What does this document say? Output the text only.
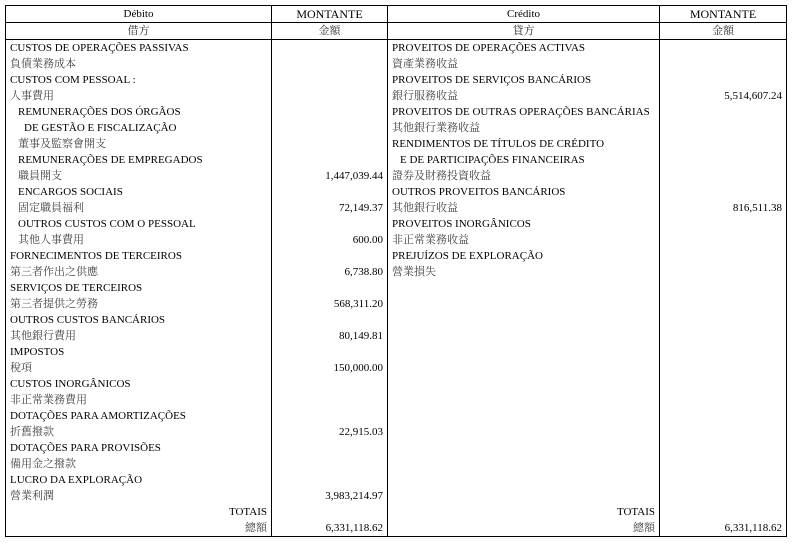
Débito	MONTANTE	Crédito	MONTANTE
借方	金額	貸方	金額
CUSTOS DE OPERAÇÕES PASSIVAS		PROVEITOS DE OPERAÇÕES ACTIVAS	
負債業務成本		資產業務收益	
CUSTOS COM PESSOAL :		PROVEITOS DE SERVIÇOS BANCÁRIOS	
人事費用		銀行服務收益	5,514,607.24
REMUNERAÇÕES DOS ÓRGÃOS		PROVEITOS DE OUTRAS OPERAÇÕES BANCÁRIAS	
DE GESTÃO E FISCALIZAÇÃO		其他銀行業務收益	
董事及監察會開支		RENDIMENTOS DE TÍTULOS DE CRÉDITO	
REMUNERAÇÕES DE EMPREGADOS		E DE PARTICIPAÇÕES FINANCEIRAS	
職員開支	1,447,039.44	證券及財務投資收益	
ENCARGOS SOCIAIS		OUTROS PROVEITOS BANCÁRIOS	
固定職員福利	72,149.37	其他銀行收益	816,511.38
OUTROS CUSTOS COM O PESSOAL		PROVEITOS INORGÂNICOS	
其他人事費用	600.00	非正常業務收益	
FORNECIMENTOS DE TERCEIROS		PREJUÍZOS DE EXPLORAÇÃO	
第三者作出之供應	6,738.80	營業損失	
SERVIÇOS DE TERCEIROS			
第三者提供之勞務	568,311.20		
OUTROS CUSTOS BANCÁRIOS			
其他銀行費用	80,149.81		
IMPOSTOS			
稅項	150,000.00		
CUSTOS INORGÂNICOS			
非正常業務費用			
DOTAÇÕES PARA AMORTIZAÇÕES			
折舊撥款	22,915.03		
DOTAÇÕES PARA PROVISÕES			
備用金之撥款			
LUCRO DA EXPLORAÇÃO			
營業利潤	3,983,214.97		
TOTAIS		TOTAIS	
總額	6,331,118.62	總額	6,331,118.62
